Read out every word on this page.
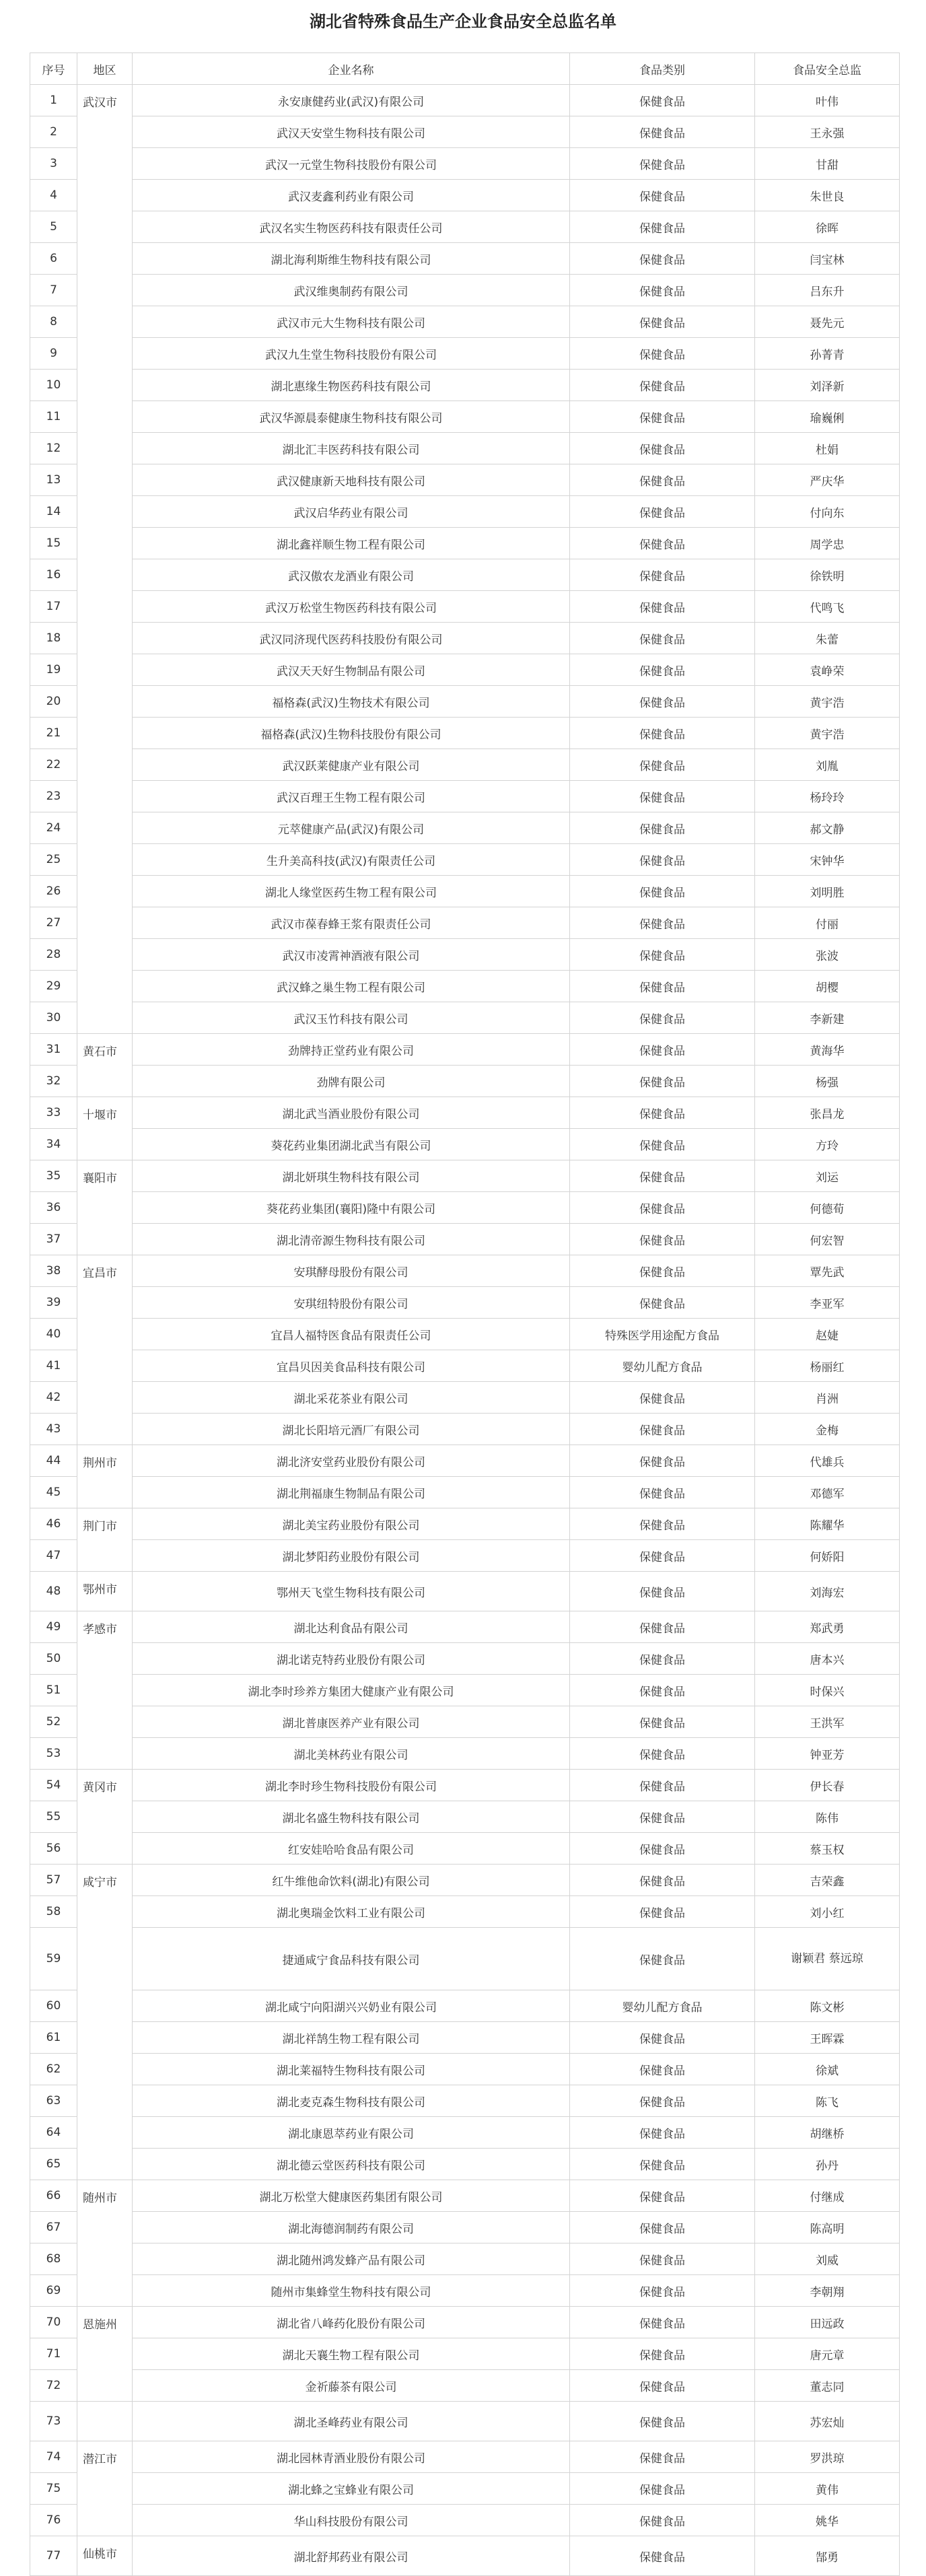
湖北省特殊食品生产企业食品安全总监名单
序号	地区	企业名称	食品类别	食品安全总监
1	武汉市	永安康健药业(武汉)有限公司	保健食品	叶伟
2		武汉天安堂生物科技有限公司	保健食品	王永强
3		武汉一元堂生物科技股份有限公司	保健食品	甘甜
4		武汉麦鑫利药业有限公司	保健食品	朱世良
5		武汉名实生物医药科技有限责任公司	保健食品	徐晖
6		湖北海利斯维生物科技有限公司	保健食品	闫宝林
7		武汉维奥制药有限公司	保健食品	吕东升
8		武汉市元大生物科技有限公司	保健食品	聂先元
9		武汉九生堂生物科技股份有限公司	保健食品	孙菁青
10		湖北惠缘生物医药科技有限公司	保健食品	刘泽新
11		武汉华源晨泰健康生物科技有限公司	保健食品	瑜巍俐
12		湖北汇丰医药科技有限公司	保健食品	杜娟
13		武汉健康新天地科技有限公司	保健食品	严庆华
14		武汉启华药业有限公司	保健食品	付向东
15		湖北鑫祥顺生物工程有限公司	保健食品	周学忠
16		武汉傲农龙酒业有限公司	保健食品	徐铁明
17		武汉万松堂生物医药科技有限公司	保健食品	代鸣飞
18		武汉同济现代医药科技股份有限公司	保健食品	朱蕾
19		武汉天天好生物制品有限公司	保健食品	袁峥荣
20		福格森(武汉)生物技术有限公司	保健食品	黄宇浩
21		福格森(武汉)生物科技股份有限公司	保健食品	黄宇浩
22		武汉跃莱健康产业有限公司	保健食品	刘胤
23		武汉百理王生物工程有限公司	保健食品	杨玲玲
24		元萃健康产品(武汉)有限公司	保健食品	郝文静
25		生升美高科技(武汉)有限责任公司	保健食品	宋钟华
26		湖北人缘堂医药生物工程有限公司	保健食品	刘明胜
27		武汉市葆春蜂王浆有限责任公司	保健食品	付丽
28		武汉市凌霄神酒液有限公司	保健食品	张波
29		武汉蜂之巢生物工程有限公司	保健食品	胡樱
30		武汉玉竹科技有限公司	保健食品	李新建
31	黄石市	劲牌持正堂药业有限公司	保健食品	黄海华
32		劲牌有限公司	保健食品	杨强
33	十堰市	湖北武当酒业股份有限公司	保健食品	张昌龙
34		葵花药业集团湖北武当有限公司	保健食品	方玲
35	襄阳市	湖北妍琪生物科技有限公司	保健食品	刘运
36		葵花药业集团(襄阳)隆中有限公司	保健食品	何德荀
37		湖北清帝源生物科技有限公司	保健食品	何宏智
38	宜昌市	安琪酵母股份有限公司	保健食品	覃先武
39		安琪纽特股份有限公司	保健食品	李亚军
40		宜昌人福特医食品有限责任公司	特殊医学用途配方食品	赵婕
41		宜昌贝因美食品科技有限公司	婴幼儿配方食品	杨丽红
42		湖北采花茶业有限公司	保健食品	肖洲
43		湖北长阳培元酒厂有限公司	保健食品	金梅
44	荆州市	湖北济安堂药业股份有限公司	保健食品	代雄兵
45		湖北荆福康生物制品有限公司	保健食品	邓德军
46	荆门市	湖北美宝药业股份有限公司	保健食品	陈耀华
47		湖北梦阳药业股份有限公司	保健食品	何娇阳
48	鄂州市	鄂州天飞堂生物科技有限公司	保健食品	刘海宏
49	孝感市	湖北达利食品有限公司	保健食品	郑武勇
50		湖北诺克特药业股份有限公司	保健食品	唐本兴
51		湖北李时珍养方集团大健康产业有限公司	保健食品	时保兴
52		湖北普康医养产业有限公司	保健食品	王洪军
53		湖北美林药业有限公司	保健食品	钟亚芳
54	黄冈市	湖北李时珍生物科技股份有限公司	保健食品	伊长春
55		湖北名盛生物科技有限公司	保健食品	陈伟
56		红安娃哈哈食品有限公司	保健食品	蔡玉权
57	咸宁市	红牛维他命饮料(湖北)有限公司	保健食品	吉荣鑫
58		湖北奥瑞金饮料工业有限公司	保健食品	刘小红
59		捷通咸宁食品科技有限公司	保健食品	谢颖君 蔡远琼
60		湖北咸宁向阳湖兴兴奶业有限公司	婴幼儿配方食品	陈文彬
61		湖北祥鹄生物工程有限公司	保健食品	王晖霖
62		湖北莱福特生物科技有限公司	保健食品	徐斌
63		湖北麦克森生物科技有限公司	保健食品	陈飞
64		湖北康恩萃药业有限公司	保健食品	胡继桥
65		湖北德云堂医药科技有限公司	保健食品	孙丹
66	随州市	湖北万松堂大健康医药集团有限公司	保健食品	付继成
67		湖北海德润制药有限公司	保健食品	陈高明
68		湖北随州鸿发蜂产品有限公司	保健食品	刘威
69		随州市集蜂堂生物科技有限公司	保健食品	李朝翔
70	恩施州	湖北省八峰药化股份有限公司	保健食品	田远政
71		湖北天襄生物工程有限公司	保健食品	唐元章
72		金祈藤茶有限公司	保健食品	董志同
73		湖北圣峰药业有限公司	保健食品	苏宏灿
74	潜江市	湖北园林青酒业股份有限公司	保健食品	罗洪琼
75		湖北蜂之宝蜂业有限公司	保健食品	黄伟
76		华山科技股份有限公司	保健食品	姚华
77	仙桃市	湖北舒邦药业有限公司	保健食品	郜勇
